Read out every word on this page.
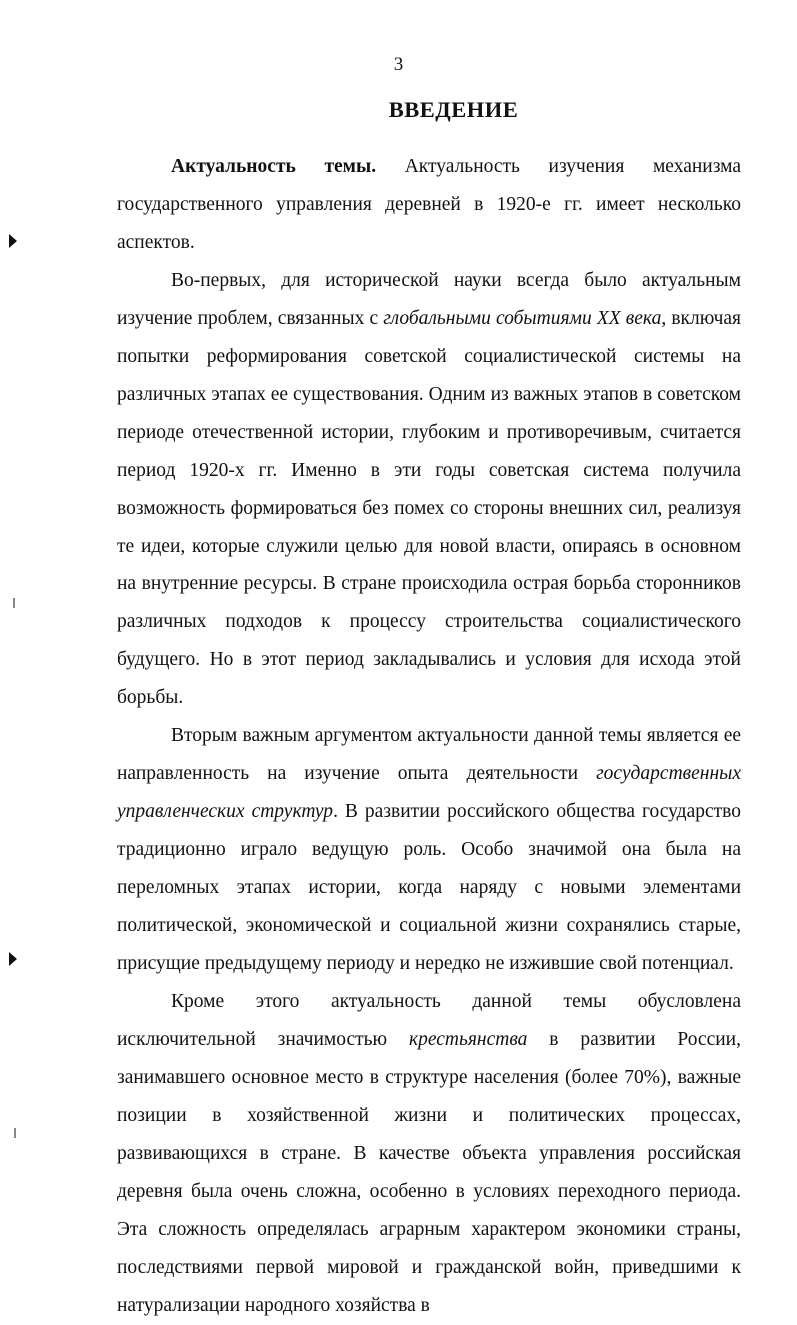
3
ВВЕДЕНИЕ

Актуальность темы. Актуальность изучения механизма государственного управления деревней в 1920-е гг. имеет несколько аспектов.

Во-первых, для исторической науки всегда было актуальным изучение проблем, связанных с глобальными событиями XX века, включая попытки реформирования советской социалистической системы на различных этапах ее существования. Одним из важных этапов в советском периоде отечественной истории, глубоким и противоречивым, считается период 1920-х гг. Именно в эти годы советская система получила возможность формироваться без помех со стороны внешних сил, реализуя те идеи, которые служили целью для новой власти, опираясь в основном на внутренние ресурсы. В стране происходила острая борьба сторонников различных подходов к процессу строительства социалистического будущего. Но в этот период закладывались и условия для исхода этой борьбы.

Вторым важным аргументом актуальности данной темы является ее направленность на изучение опыта деятельности государственных управленческих структур. В развитии российского общества государство традиционно играло ведущую роль. Особо значимой она была на переломных этапах истории, когда наряду с новыми элементами политической, экономической и социальной жизни сохранялись старые, присущие предыдущему периоду и нередко не изжившие свой потенциал.

Кроме этого актуальность данной темы обусловлена исключительной значимостью крестьянства в развитии России, занимавшего основное место в структуре населения (более 70%), важные позиции в хозяйственной жизни и политических процессах, развивающихся в стране. В качестве объекта управления российская деревня была очень сложна, особенно в условиях переходного периода. Эта сложность определялась аграрным характером экономики страны, последствиями первой мировой и гражданской войн, приведшими к натурализации народного хозяйства в
